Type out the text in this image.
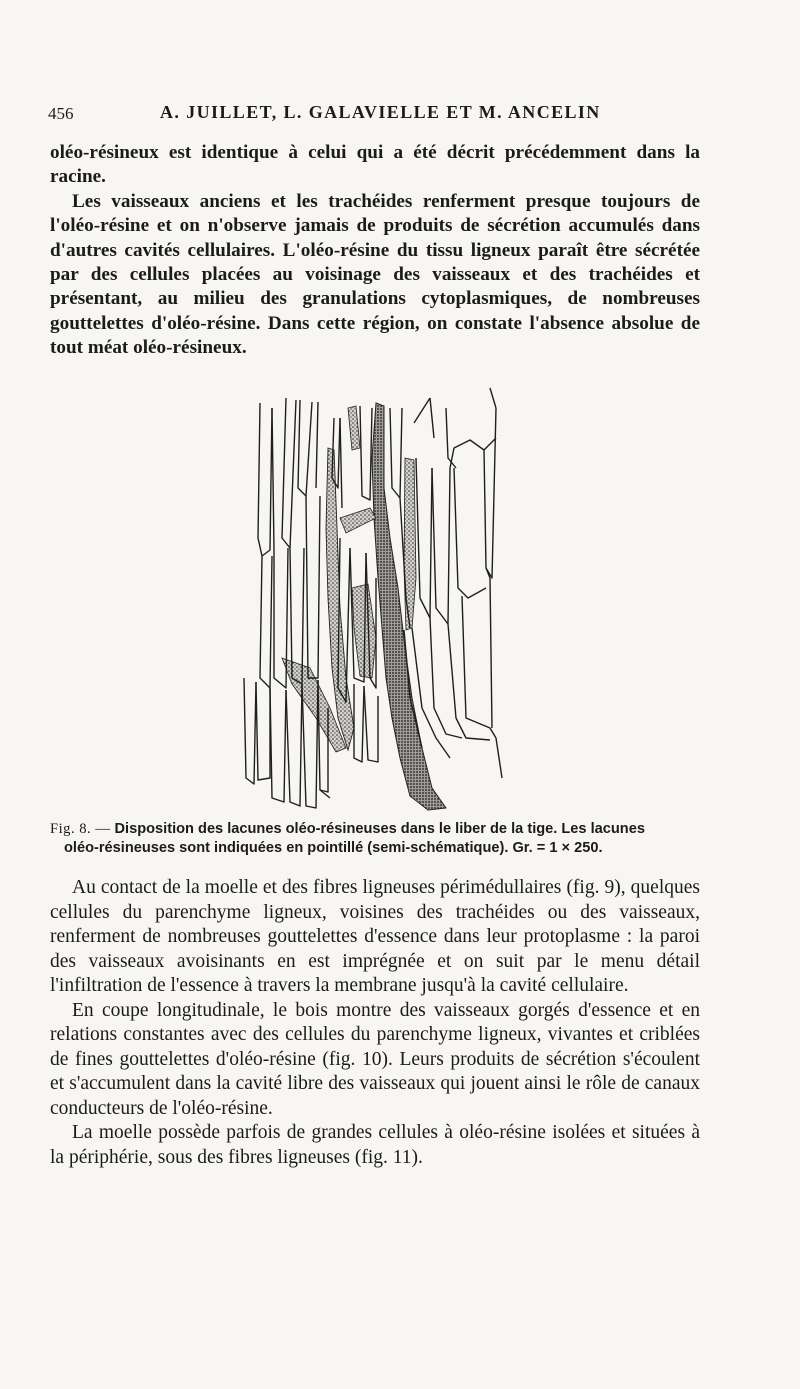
456	A. JUILLET, L. GALAVIELLE ET M. ANCELIN

oléo-résineux est identique à celui qui a été décrit précédemment dans la racine.

Les vaisseaux anciens et les trachéides renferment presque toujours de l'oléo-résine et on n'observe jamais de produits de sécrétion accumulés dans d'autres cavités cellulaires. L'oléo-résine du tissu ligneux paraît être sécrétée par des cellules placées au voisinage des vaisseaux et des trachéides et présentant, au milieu des granulations cytoplasmiques, de nombreuses gouttelettes d'oléo-résine. Dans cette région, on constate l'absence absolue de tout méat oléo-résineux.

Fig. 8. — Disposition des lacunes oléo-résineuses dans le liber de la tige. Les lacunes
oléo-résineuses sont indiquées en pointillé (semi-schématique). Gr. = 1 × 250.

Au contact de la moelle et des fibres ligneuses périmédullaires (fig. 9), quelques cellules du parenchyme ligneux, voisines des trachéides ou des vaisseaux, renferment de nombreuses gouttelettes d'essence dans leur protoplasme : la paroi des vaisseaux avoisinants en est imprégnée et on suit par le menu détail l'infiltration de l'essence à travers la membrane jusqu'à la cavité cellulaire.

En coupe longitudinale, le bois montre des vaisseaux gorgés d'essence et en relations constantes avec des cellules du parenchyme ligneux, vivantes et criblées de fines gouttelettes d'oléo-résine (fig. 10). Leurs produits de sécrétion s'écoulent et s'accumulent dans la cavité libre des vaisseaux qui jouent ainsi le rôle de canaux conducteurs de l'oléo-résine.

La moelle possède parfois de grandes cellules à oléo-résine isolées et situées à la périphérie, sous des fibres ligneuses (fig. 11).
